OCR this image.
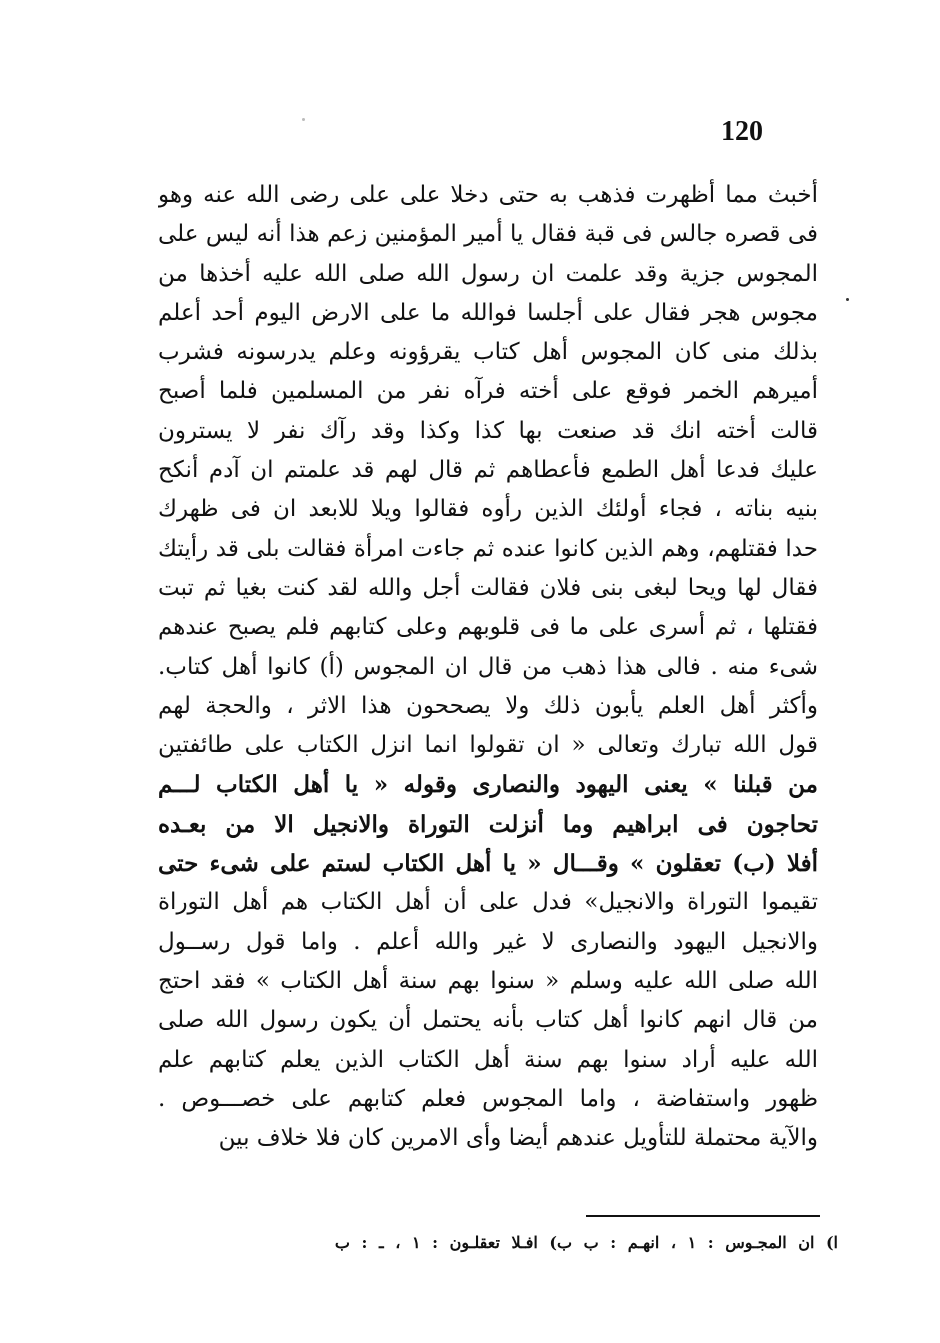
120
أخبث مما أظهرت فذهب به حتى دخلا على على رضى الله عنه وهو
فى قصره جالس فى قبة فقال يا أمير المؤمنين زعم هذا أنه ليس على
المجوس جزية وقد علمت ان رسول الله صلى الله عليه أخذها من
مجوس هجر فقال على أجلسا فوالله ما على الارض اليوم أحد أعلم
بذلك منى كان المجوس أهل كتاب يقرؤونه وعلم يدرسونه فشرب
أميرهم الخمر فوقع على أخته فرآه نفر من المسلمين فلما أصبح
قالت أخته انك قد صنعت بها كذا وكذا وقد رآك نفر لا يسترون
عليك فدعا أهل الطمع فأعطاهم ثم قال لهم قد علمتم ان آدم أنكح
بنيه بناته ، فجاء أولئك الذين رأوه فقالوا ويلا للابعد ان فى ظهرك
حدا فقتلهم، وهم الذين كانوا عنده ثم جاءت امرأة فقالت بلى قد رأيتك
فقال لها ويحا لبغى بنى فلان فقالت أجل والله لقد كنت بغيا ثم تبت
فقتلها ، ثم أسرى على ما فى قلوبهم وعلى كتابهم فلم يصبح عندهم
شىء منه . فالى هذا ذهب من قال ان المجوس (أ) كانوا أهل كتاب.
وأكثر أهل العلم يأبون ذلك ولا يصححون هذا الاثر ، والحجة لهم
قول الله تبارك وتعالى « ان تقولوا انما انزل الكتاب على طائفتين
من قبلنا » يعنى اليهود والنصارى وقوله « يا أهل الكتاب لـــم
تحاجون فى ابراهيم وما أنزلت التوراة والانجيل الا من بعـده
أفلا (ب) تعقلون » وقـــال « يا أهل الكتاب لستم على شىء حتى
تقيموا التوراة والانجيل» فدل على أن أهل الكتاب هم أهل التوراة
والانجيل اليهود والنصارى لا غير والله أعلم . واما قول رســول
الله صلى الله عليه وسلم « سنوا بهم سنة أهل الكتاب » فقد احتج
من قال انهم كانوا أهل كتاب بأنه يحتمل أن يكون رسول الله صلى
الله عليه أراد سنوا بهم سنة أهل الكتاب الذين يعلم كتابهم علم
ظهور واستفاضة ، واما المجوس فعلم كتابهم على خصـــوص .
والآية محتملة للتأويل عندهم أيضا وأى الامرين كان فلا خلاف بين
ا) ان المجـوس : ١ ، انهـم : ب ب) افـلا تعقلـون : ١ ، ـ : ب
